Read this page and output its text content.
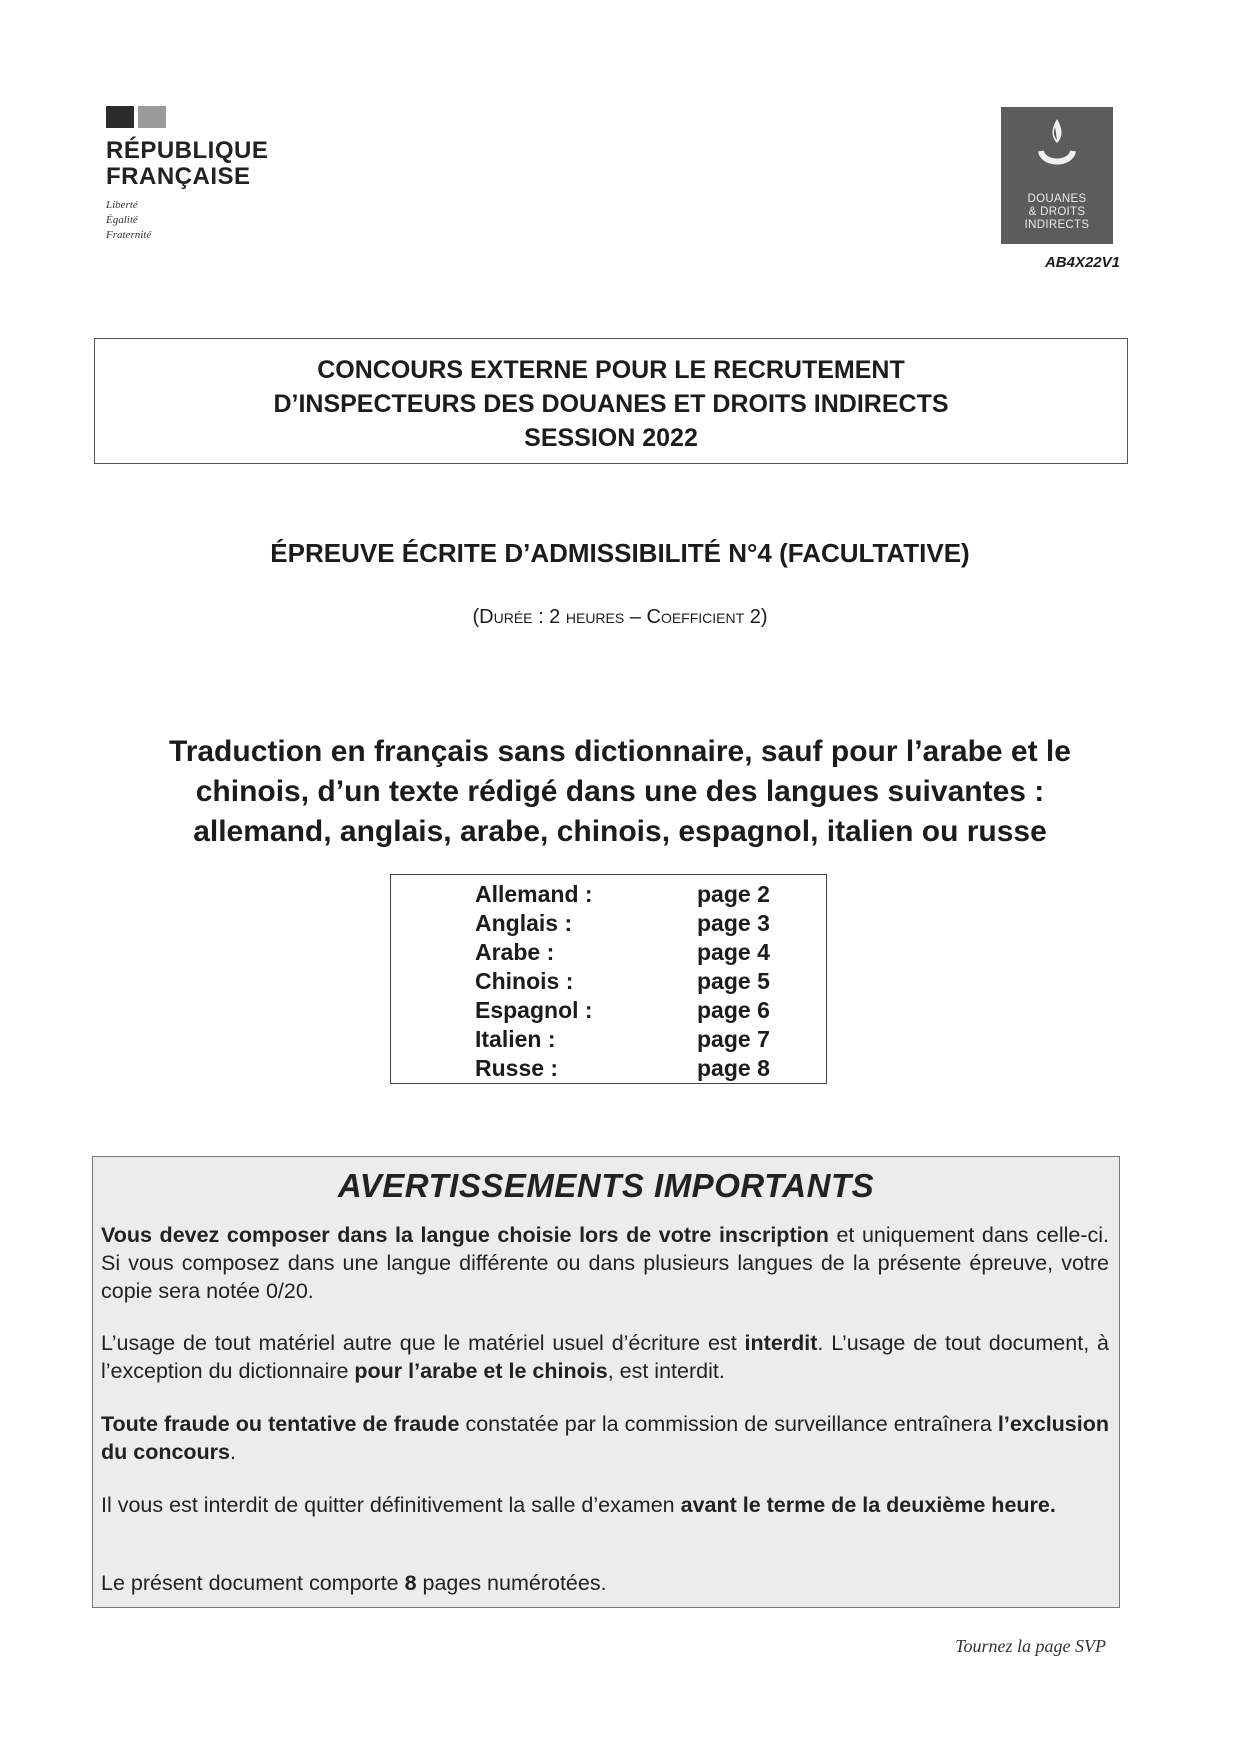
RÉPUBLIQUE
FRANÇAISE
Liberté
Égalité
Fraternité
DOUANES
& DROITS
INDIRECTS
AB4X22V1
CONCOURS EXTERNE POUR LE RECRUTEMENT
D’INSPECTEURS DES DOUANES ET DROITS INDIRECTS
SESSION 2022
ÉPREUVE ÉCRITE D’ADMISSIBILITÉ N°4 (FACULTATIVE)
(DURÉE : 2 HEURES – COEFFICIENT 2)
Traduction en français sans dictionnaire, sauf pour l’arabe et le
chinois, d’un texte rédigé dans une des langues suivantes :
allemand, anglais, arabe, chinois, espagnol, italien ou russe
Allemand :	page 2
Anglais :	page 3
Arabe :	page 4
Chinois :	page 5
Espagnol :	page 6
Italien :	page 7
Russe :	page 8
AVERTISSEMENTS IMPORTANTS
Vous devez composer dans la langue choisie lors de votre inscription et uniquement dans celle-ci. Si vous composez dans une langue différente ou dans plusieurs langues de la présente épreuve, votre copie sera notée 0/20.
L’usage de tout matériel autre que le matériel usuel d’écriture est interdit. L’usage de tout document, à l’exception du dictionnaire pour l’arabe et le chinois, est interdit.
Toute fraude ou tentative de fraude constatée par la commission de surveillance entraînera l’exclusion du concours.
Il vous est interdit de quitter définitivement la salle d’examen avant le terme de la deuxième heure.
Le présent document comporte 8 pages numérotées.
Tournez la page SVP
